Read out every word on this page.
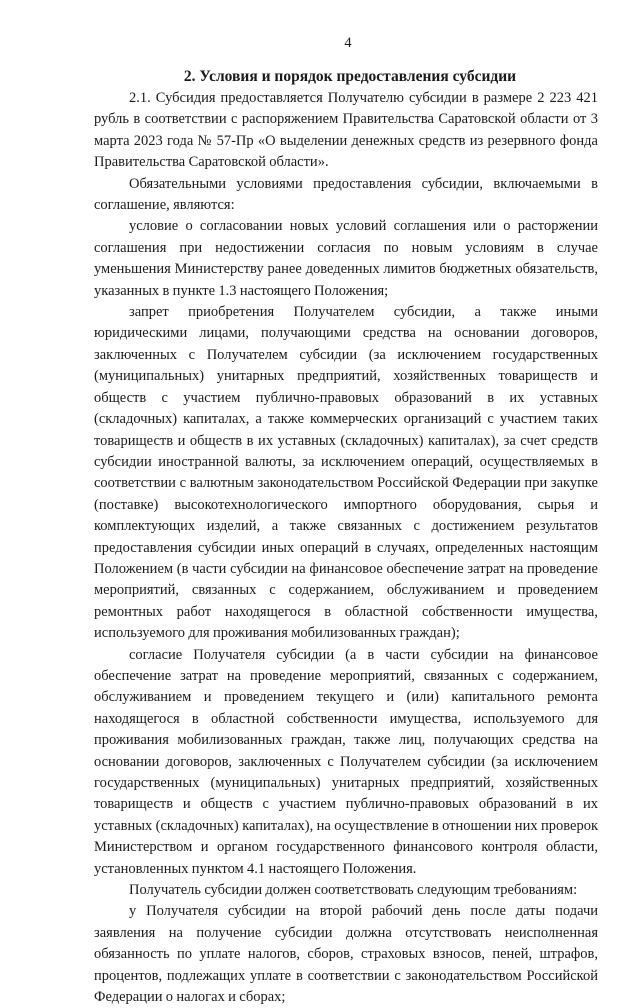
4
2. Условия и порядок предоставления субсидии

2.1. Субсидия предоставляется Получателю субсидии в размере 2 223 421 рубль в соответствии с распоряжением Правительства Саратовской области от 3 марта 2023 года № 57-Пр «О выделении денежных средств из резервного фонда Правительства Саратовской области».

Обязательными условиями предоставления субсидии, включаемыми в соглашение, являются:

условие о согласовании новых условий соглашения или о расторжении соглашения при недостижении согласия по новым условиям в случае уменьшения Министерству ранее доведенных лимитов бюджетных обязательств, указанных в пункте 1.3 настоящего Положения;

запрет приобретения Получателем субсидии, а также иными юридическими лицами, получающими средства на основании договоров, заключенных с Получателем субсидии (за исключением государственных (муниципальных) унитарных предприятий, хозяйственных товариществ и обществ с участием публично-правовых образований в их уставных (складочных) капиталах, а также коммерческих организаций с участием таких товариществ и обществ в их уставных (складочных) капиталах), за счет средств субсидии иностранной валюты, за исключением операций, осуществляемых в соответствии с валютным законодательством Российской Федерации при закупке (поставке) высокотехнологического импортного оборудования, сырья и комплектующих изделий, а также связанных с достижением результатов предоставления субсидии иных операций в случаях, определенных настоящим Положением (в части субсидии на финансовое обеспечение затрат на проведение мероприятий, связанных с содержанием, обслуживанием и проведением ремонтных работ находящегося в областной собственности имущества, используемого для проживания мобилизованных граждан);

согласие Получателя субсидии (а в части субсидии на финансовое обеспечение затрат на проведение мероприятий, связанных с содержанием, обслуживанием и проведением текущего и (или) капитального ремонта находящегося в областной собственности имущества, используемого для проживания мобилизованных граждан, также лиц, получающих средства на основании договоров, заключенных с Получателем субсидии (за исключением государственных (муниципальных) унитарных предприятий, хозяйственных товариществ и обществ с участием публично-правовых образований в их уставных (складочных) капиталах), на осуществление в отношении них проверок Министерством и органом государственного финансового контроля области, установленных пунктом 4.1 настоящего Положения.

Получатель субсидии должен соответствовать следующим требованиям:

у Получателя субсидии на второй рабочий день после даты подачи заявления на получение субсидии должна отсутствовать неисполненная обязанность по уплате налогов, сборов, страховых взносов, пеней, штрафов, процентов, подлежащих уплате в соответствии с законодательством Российской Федерации о налогах и сборах;
